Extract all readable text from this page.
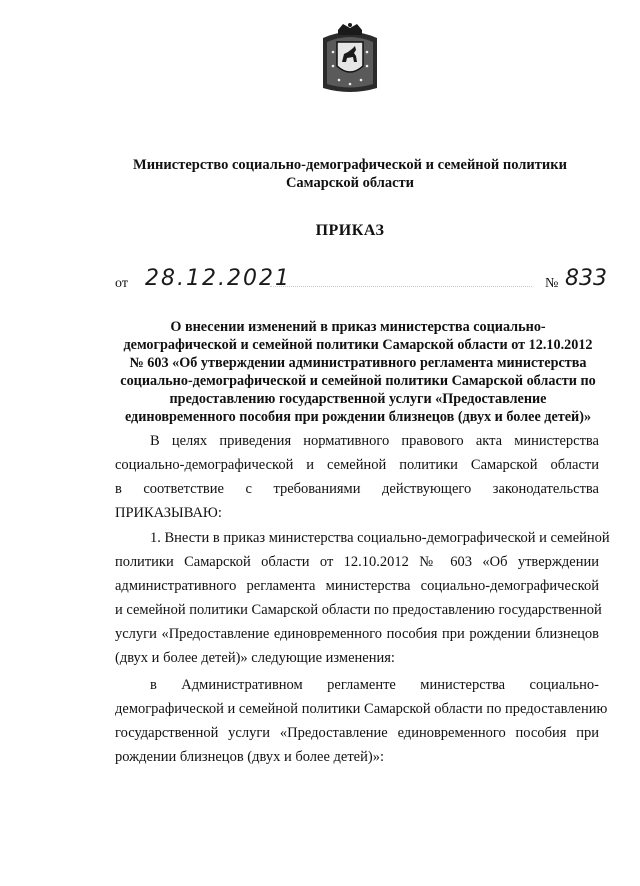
Министерство социально-демографической и семейной политики
Самарской области
ПРИКАЗ
от 28.12.2021	№ 833
О внесении изменений в приказ министерства социально-
демографической и семейной политики Самарской области от 12.10.2012
№ 603 «Об утверждении административного регламента министерства
социально-демографической и семейной политики Самарской области по
предоставлению государственной услуги «Предоставление
единовременного пособия при рождении близнецов (двух и более детей)»
В целях приведения нормативного правового акта министерства
социально-демографической и семейной политики Самарской области
в соответствие с требованиями действующего законодательства
ПРИКАЗЫВАЮ:
1. Внести в приказ министерства социально-демографической и семейной
политики Самарской области от 12.10.2012 № 603 «Об утверждении
административного регламента министерства социально-демографической
и семейной политики Самарской области по предоставлению государственной
услуги «Предоставление единовременного пособия при рождении близнецов
(двух и более детей)» следующие изменения:
в Административном регламенте министерства социально-
демографической и семейной политики Самарской области по предоставлению
государственной услуги «Предоставление единовременного пособия при
рождении близнецов (двух и более детей)»:
